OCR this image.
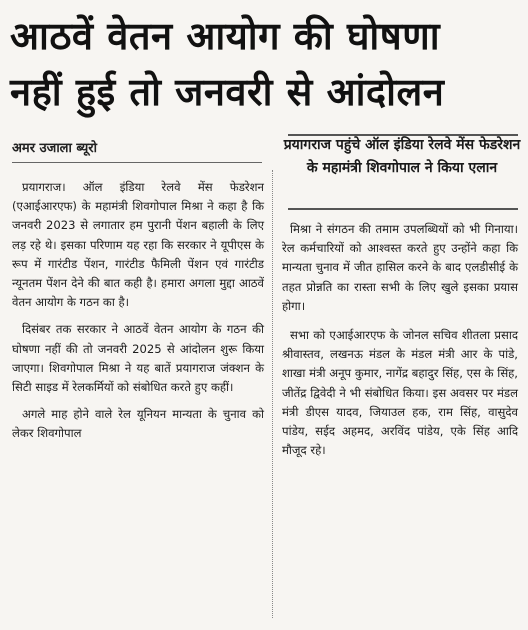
आठवें वेतन आयोग की घोषणा
नहीं हुई तो जनवरी से आंदोलन
अमर उजाला ब्यूरो

प्रयागराज। ऑल इंडिया रेलवे मेंस फेडरेशन (एआईआरएफ) के महामंत्री शिवगोपाल मिश्रा ने कहा है कि जनवरी 2023 से लगातार हम पुरानी पेंशन बहाली के लिए लड़ रहे थे। इसका परिणाम यह रहा कि सरकार ने यूपीएस के रूप में गारंटीड पेंशन, गारंटीड फैमिली पेंशन एवं गारंटीड न्यूनतम पेंशन देने की बात कही है। हमारा अगला मुद्दा आठवें वेतन आयोग के गठन का है।

दिसंबर तक सरकार ने आठवें वेतन आयोग के गठन की घोषणा नहीं की तो जनवरी 2025 से आंदोलन शुरू किया जाएगा। शिवगोपाल मिश्रा ने यह बातें प्रयागराज जंक्शन के सिटी साइड में रेलकर्मियों को संबोधित करते हुए कहीं।

अगले माह होने वाले रेल यूनियन मान्यता के चुनाव को लेकर शिवगोपाल

प्रयागराज पहुंचे ऑल इंडिया रेलवे मेंस फेडरेशन के महामंत्री शिवगोपाल ने किया एलान

मिश्रा ने संगठन की तमाम उपलब्धियों को भी गिनाया। रेल कर्मचारियों को आश्वस्त करते हुए उन्होंने कहा कि मान्यता चुनाव में जीत हासिल करने के बाद एलडीसीई के तहत प्रोन्नति का रास्ता सभी के लिए खुले इसका प्रयास होगा।

सभा को एआईआरएफ के जोनल सचिव शीतला प्रसाद श्रीवास्तव, लखनऊ मंडल के मंडल मंत्री आर के पांडे, शाखा मंत्री अनूप कुमार, नागेंद्र बहादुर सिंह, एस के सिंह, जीतेंद्र द्विवेदी ने भी संबोधित किया। इस अवसर पर मंडल मंत्री डीएस यादव, जियाउल हक, राम सिंह, वासुदेव पांडेय, सईद अहमद, अरविंद पांडेय, एके सिंह आदि मौजूद रहे।
